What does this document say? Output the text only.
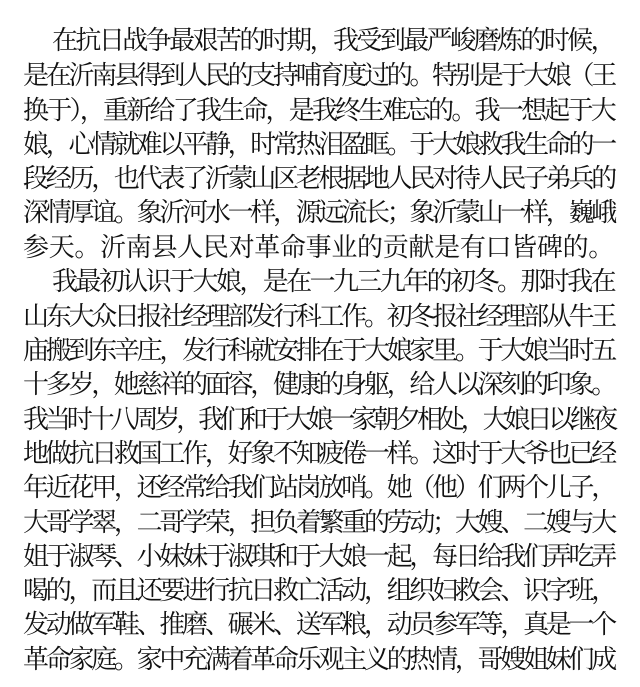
在抗日战争最艰苦的时期，我受到最严峻磨炼的时候，
是在沂南县得到人民的支持哺育度过的。特别是于大娘（王
换于），重新给了我生命，是我终生难忘的。我一想起于大
娘，心情就难以平静，时常热泪盈眶。于大娘救我生命的一
段经历，也代表了沂蒙山区老根据地人民对待人民子弟兵的
深情厚谊。象沂河水一样，源远流长；象沂蒙山一样，巍峨
参天。沂南县人民对革命事业的贡献是有口皆碑的。
我最初认识于大娘，是在一九三九年的初冬。那时我在
山东大众日报社经理部发行科工作。初冬报社经理部从牛王
庙搬到东辛庄，发行科就安排在于大娘家里。于大娘当时五
十多岁，她慈祥的面容，健康的身躯，给人以深刻的印象。
我当时十八周岁，我们和于大娘一家朝夕相处，大娘日以继夜
地做抗日救国工作，好象不知疲倦一样。这时于大爷也已经
年近花甲，还经常给我们站岗放哨。她（他）们两个儿子，
大哥学翠，二哥学荣，担负着繁重的劳动；大嫂、二嫂与大
姐于淑琴、小妹妹于淑琪和于大娘一起，每日给我们弄吃弄
喝的，而且还要进行抗日救亡活动，组织妇救会、识字班，
发动做军鞋、推磨、碾米、送军粮，动员参军等，真是一个
革命家庭。家中充满着革命乐观主义的热情，哥嫂姐妹们成
